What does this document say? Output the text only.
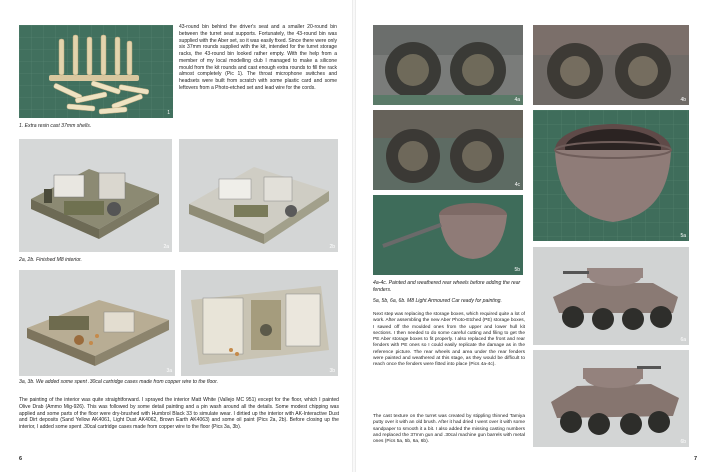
1
43-round bin behind the driver's seat and a smaller 20-round bin between the turret seat supports. Fortunately, the 43-round bin was supplied with the Aber set, so it was easily fixed. Since there were only six 37mm rounds supplied with the kit, intended for the turret storage racks, the 43-round bin looked rather empty. With the help from a member of my local modelling club I managed to make a silicone mould from the kit rounds and cast enough extra rounds to fill the rack almost completely (Pic 1). The throat microphone switches and headsets were built from scratch with some plastic card and some leftovers from a Photo-etched set and lead wire for the cords.
1. Extra resin cast 37mm shells.
2a	2b
2a, 2b. Finished M8 interior.
3a	3b
3a, 3b. We added some spent .30cal cartridge cases made from copper wire to the floor.
The painting of the interior was quite straightforward. I sprayed the interior Matt White (Vallejo MC 951) except for the floor, which I painted Olive Drab (Ammo Mig-926). This was followed by some detail painting and a pin wash around all the details. Some modest chipping was applied and some parts of the floor were dry-brushed with Humbrol Black 33 to simulate wear. I dirtied up the interior with AK-Interactive Dust and Dirt deposits (Sand Yellow AK4061, Light Dust AK4062, Brown Earth AK4063) and some oil paint (Pics 2a, 2b). Before closing up the interior, I added some spent .30cal cartridge cases made from copper wire to the floor (Pics 3a, 3b).
6
4a	4b
4c
5a
5b
4a-4c. Painted and weathered rear wheels before adding the rear fenders.
5a, 5b, 6a, 6b. M8 Light Armoured Car ready for painting.
6a
6b
Next step was replacing the storage boxes, which required quite a lot of work. After assembling the new Aber Photo-Etched (PE) storage boxes, I sawed off the moulded ones from the upper and lower hull kit sections. I then needed to do some careful cutting and filing to get the PE Aber storage boxes to fit properly. I also replaced the front and rear fenders with PE ones so I could easily replicate the damage as in the reference picture. The rear wheels and area under the rear fenders were painted and weathered at this stage, as they would be difficult to reach once the fenders were fitted into place (Pics 4a-4c).
The cast texture on the turret was created by stippling thinned Tamiya putty over it with an old brush. After it had dried I went over it with some sandpaper to smooth it a bit. I also added the missing casting numbers and replaced the 37mm gun and .30cal machine gun barrels with metal ones (Pics 5a, 5b, 6a, 6b).
7
